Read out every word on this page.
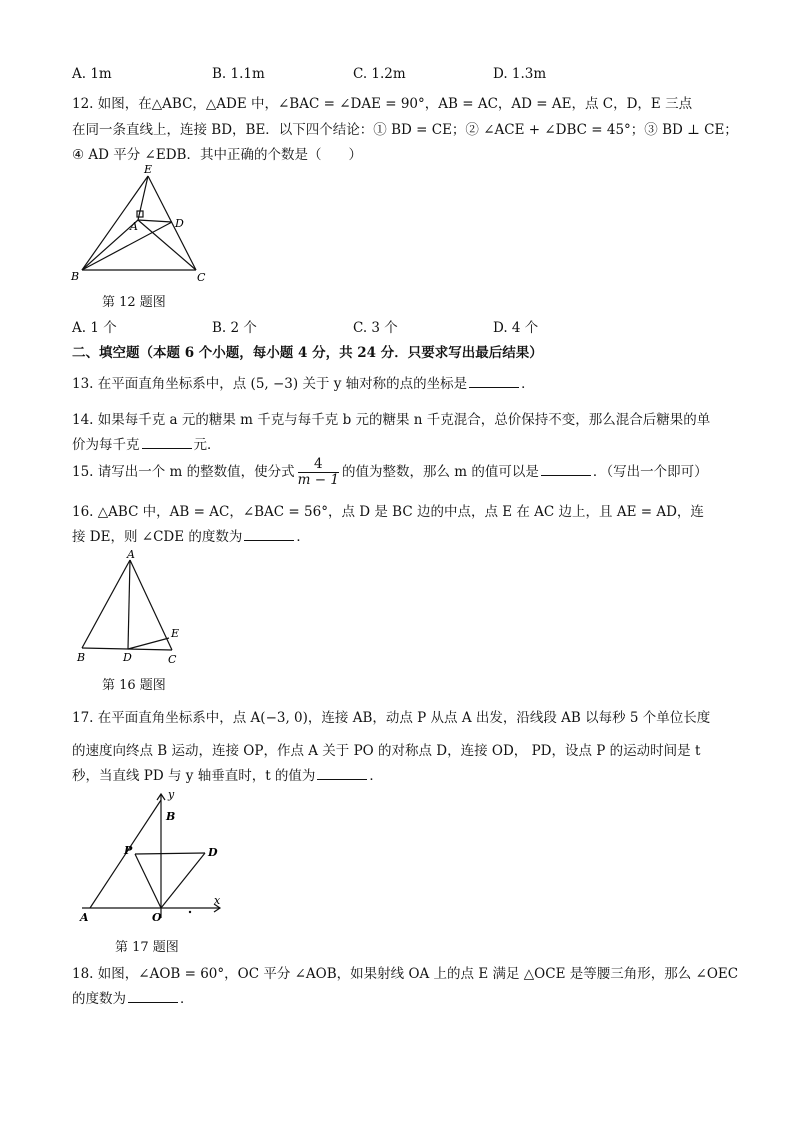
A. 1m	B. 1.1m	C. 1.2m	D. 1.3m
12. 如图，在△ABC，△ADE 中，∠BAC = ∠DAE = 90°，AB = AC，AD = AE，点 C，D，E 三点
在同一条直线上，连接 BD，BE．以下四个结论：① BD = CE；② ∠ACE + ∠DBC = 45°；③ BD ⊥ CE；
④ AD 平分 ∠EDB．其中正确的个数是（　　）
E
A	D
B	C
第 12 题图
A. 1 个	B. 2 个	C. 3 个	D. 4 个
二、填空题（本题 6 个小题，每小题 4 分，共 24 分．只要求写出最后结果）
13. 在平面直角坐标系中，点 (5, −3) 关于 y 轴对称的点的坐标是	．
14. 如果每千克 a 元的糖果 m 千克与每千克 b 元的糖果 n 千克混合，总价保持不变，那么混合后糖果的单
价为每千克	元．
15. 请写出一个 m 的整数值，使分式 $\frac{4}{m - 1}$ 的值为整数，那么 m 的值可以是	．（写出一个即可）
16. △ABC 中，AB = AC，∠BAC = 56°，点 D 是 BC 边的中点，点 E 在 AC 边上，且 AE = AD，连
接 DE，则 ∠CDE 的度数为	．
A
B	D	C
E
第 16 题图
17. 在平面直角坐标系中，点 A(−3, 0)，连接 AB，动点 P 从点 A 出发，沿线段 AB 以每秒 5 个单位长度
的速度向终点 B 运动，连接 OP，作点 A 关于 PO 的对称点 D，连接 OD， PD，设点 P 的运动时间是 t
秒，当直线 PD 与 y 轴垂直时，t 的值为	．
y
B
P	D
A	O
x
第 17 题图
18. 如图，∠AOB = 60°，OC 平分 ∠AOB，如果射线 OA 上的点 E 满足 △OCE 是等腰三角形，那么 ∠OEC
的度数为	．
